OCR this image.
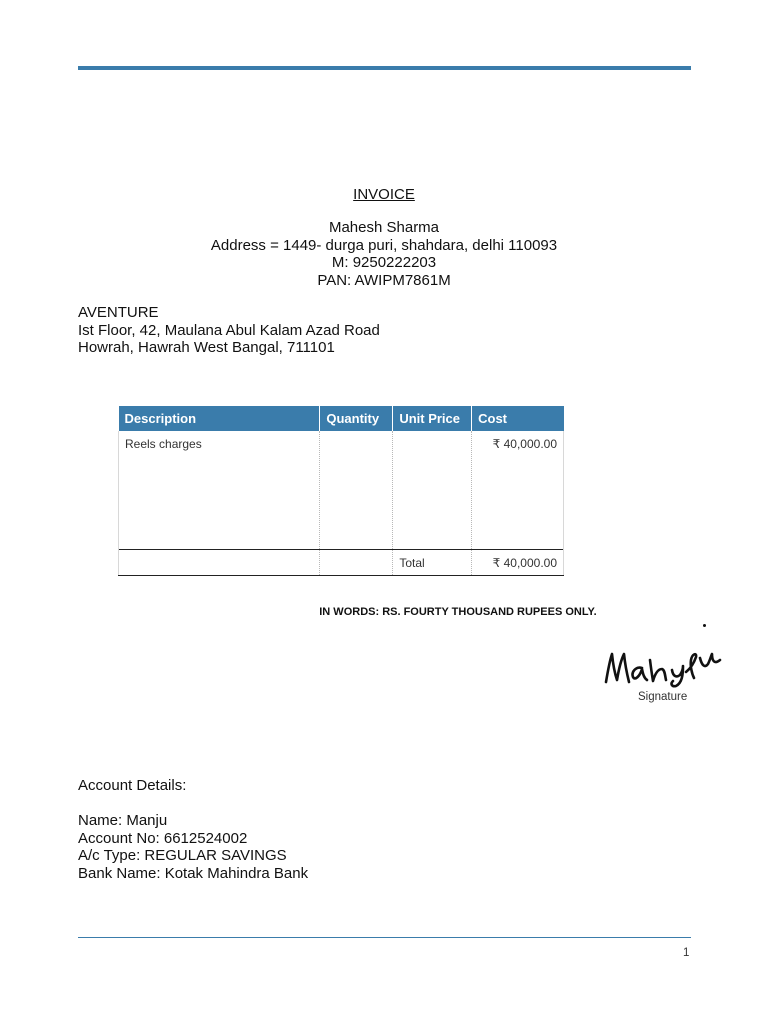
INVOICE
Mahesh Sharma
Address = 1449- durga puri, shahdara, delhi 110093
M: 9250222203
PAN: AWIPM7861M
AVENTURE
Ist Floor, 42, Maulana Abul Kalam Azad Road
Howrah, Hawrah West Bangal, 711101
Description	Quantity	Unit Price	Cost
Reels charges			₹ 40,000.00
		Total	₹ 40,000.00
IN WORDS: RS. FOURTY THOUSAND RUPEES ONLY.
Signature
Account Details:
Name: Manju
Account No: 6612524002
A/c Type: REGULAR SAVINGS
Bank Name: Kotak Mahindra Bank
1
